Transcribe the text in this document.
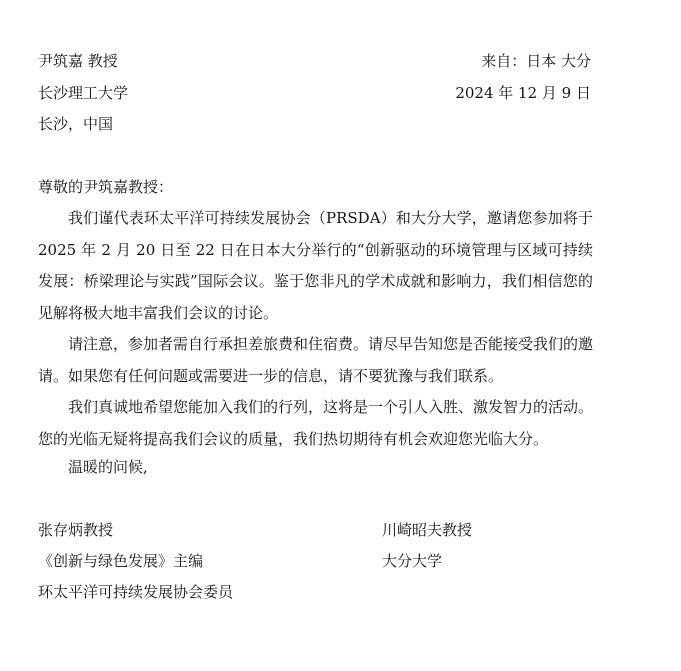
尹筑嘉 教授	来自：日本 大分
长沙理工大学	2024 年 12 月 9 日
长沙，中国
尊敬的尹筑嘉教授：
我们谨代表环太平洋可持续发展协会（PRSDA）和大分大学，邀请您参加将于 2025 年 2 月 20 日至 22 日在日本大分举行的“创新驱动的环境管理与区域可持续发展：桥梁理论与实践”国际会议。鉴于您非凡的学术成就和影响力，我们相信您的见解将极大地丰富我们会议的讨论。
请注意，参加者需自行承担差旅费和住宿费。请尽早告知您是否能接受我们的邀请。如果您有任何问题或需要进一步的信息，请不要犹豫与我们联系。
我们真诚地希望您能加入我们的行列，这将是一个引人入胜、激发智力的活动。您的光临无疑将提高我们会议的质量，我们热切期待有机会欢迎您光临大分。
温暖的问候,
张存炳教授	川崎昭夫教授
《创新与绿色发展》主编	大分大学
环太平洋可持续发展协会委员
